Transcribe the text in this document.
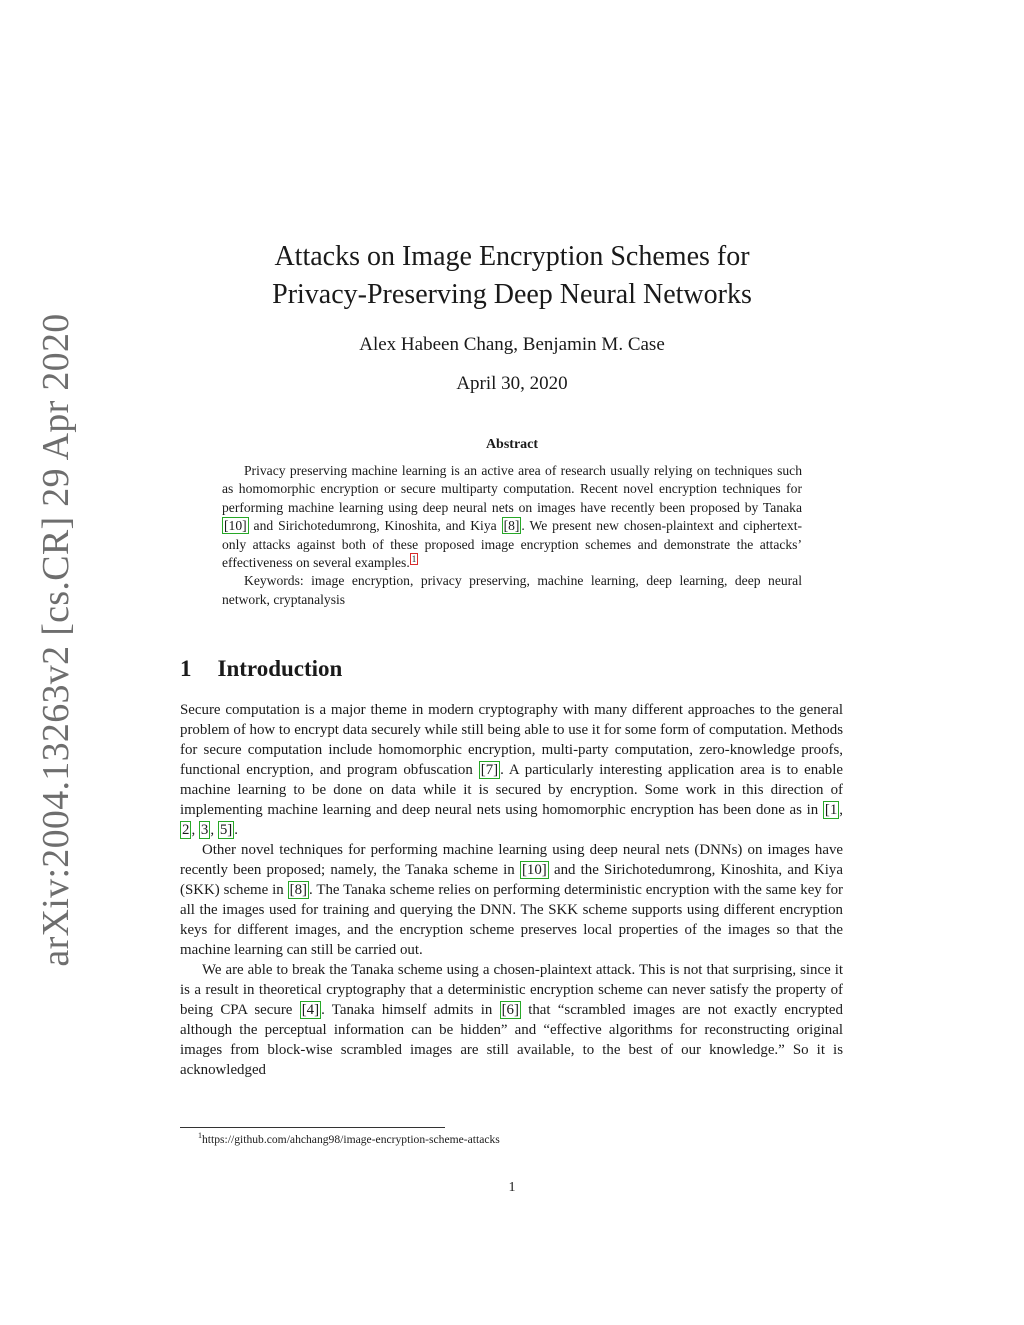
arXiv:2004.13263v2 [cs.CR] 29 Apr 2020
Attacks on Image Encryption Schemes for
Privacy-Preserving Deep Neural Networks
Alex Habeen Chang, Benjamin M. Case
April 30, 2020
Abstract

Privacy preserving machine learning is an active area of research usually relying on techniques such as homomorphic encryption or secure multiparty computation. Recent novel encryption techniques for performing machine learning using deep neural nets on images have recently been proposed by Tanaka [10] and Sirichotedumrong, Kinoshita, and Kiya [8] . We present new chosen-plaintext and ciphertext-only attacks against both of these proposed image encryption schemes and demonstrate the attacks’ effectiveness on several examples. $^1$

Keywords: image encryption, privacy preserving, machine learning, deep learning, deep neural network, cryptanalysis

1 Introduction

Secure computation is a major theme in modern cryptography with many different approaches to the general problem of how to encrypt data securely while still being able to use it for some form of computation. Methods for secure computation include homomorphic encryption, multi-party computation, zero-knowledge proofs, functional encryption, and program obfuscation [7] . A particularly interesting application area is to enable machine learning to be done on data while it is secured by encryption. Some work in this direction of implementing machine learning and deep neural nets using homomorphic encryption has been done as in [1 , 2 , 3 , 5] .

Other novel techniques for performing machine learning using deep neural nets (DNNs) on images have recently been proposed; namely, the Tanaka scheme in [10] and the Sirichotedumrong, Kinoshita, and Kiya (SKK) scheme in [8] . The Tanaka scheme relies on performing deterministic encryption with the same key for all the images used for training and querying the DNN. The SKK scheme supports using different encryption keys for different images, and the encryption scheme preserves local properties of the images so that the machine learning can still be carried out.

We are able to break the Tanaka scheme using a chosen-plaintext attack. This is not that surprising, since it is a result in theoretical cryptography that a deterministic encryption scheme can never satisfy the property of being CPA secure [4] . Tanaka himself admits in [6] that “scrambled images are not exactly encrypted although the perceptual information can be hidden” and “effective algorithms for reconstructing original images from block-wise scrambled images are still available, to the best of our knowledge.” So it is acknowledged

$^1$https://github.com/ahchang98/image-encryption-scheme-attacks
1
